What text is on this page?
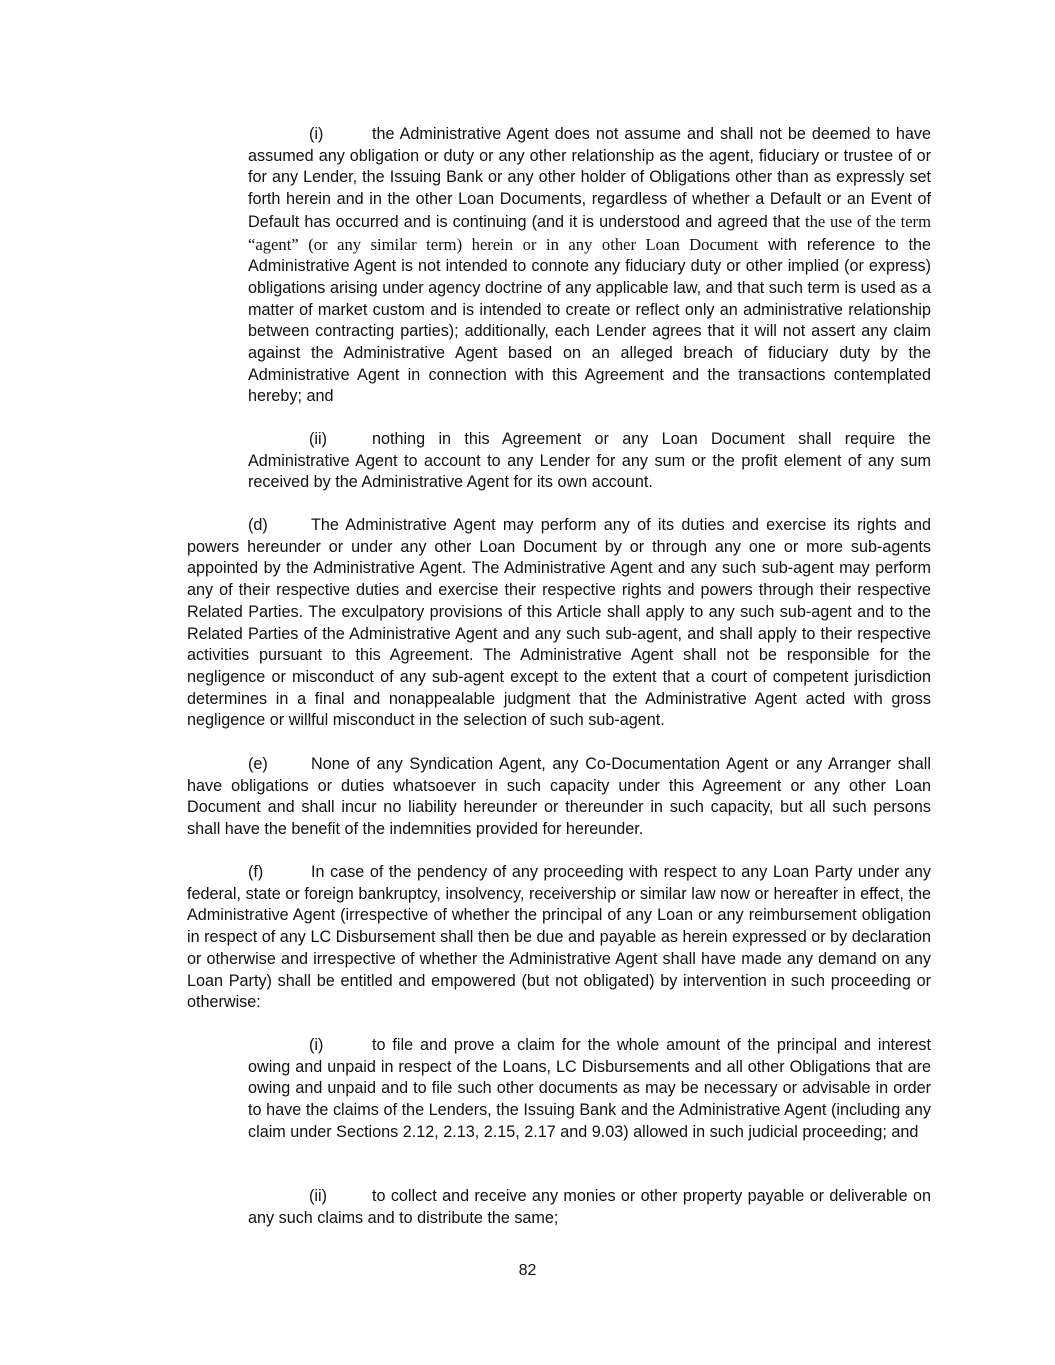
(i)	the Administrative Agent does not assume and shall not be deemed to have assumed any obligation or duty or any other relationship as the agent, fiduciary or trustee of or for any Lender, the Issuing Bank or any other holder of Obligations other than as expressly set forth herein and in the other Loan Documents, regardless of whether a Default or an Event of Default has occurred and is continuing (and it is understood and agreed that the use of the term “agent” (or any similar term) herein or in any other Loan Document with reference to the Administrative Agent is not intended to connote any fiduciary duty or other implied (or express) obligations arising under agency doctrine of any applicable law, and that such term is used as a matter of market custom and is intended to create or reflect only an administrative relationship between contracting parties); additionally, each Lender agrees that it will not assert any claim against the Administrative Agent based on an alleged breach of fiduciary duty by the Administrative Agent in connection with this Agreement and the transactions contemplated hereby; and

(ii)	nothing in this Agreement or any Loan Document shall require the Administrative Agent to account to any Lender for any sum or the profit element of any sum received by the Administrative Agent for its own account.

(d)	The Administrative Agent may perform any of its duties and exercise its rights and powers hereunder or under any other Loan Document by or through any one or more sub-agents appointed by the Administrative Agent. The Administrative Agent and any such sub-agent may perform any of their respective duties and exercise their respective rights and powers through their respective Related Parties. The exculpatory provisions of this Article shall apply to any such sub-agent and to the Related Parties of the Administrative Agent and any such sub-agent, and shall apply to their respective activities pursuant to this Agreement. The Administrative Agent shall not be responsible for the negligence or misconduct of any sub-agent except to the extent that a court of competent jurisdiction determines in a final and nonappealable judgment that the Administrative Agent acted with gross negligence or willful misconduct in the selection of such sub-agent.

(e)	None of any Syndication Agent, any Co-Documentation Agent or any Arranger shall have obligations or duties whatsoever in such capacity under this Agreement or any other Loan Document and shall incur no liability hereunder or thereunder in such capacity, but all such persons shall have the benefit of the indemnities provided for hereunder.

(f)	In case of the pendency of any proceeding with respect to any Loan Party under any federal, state or foreign bankruptcy, insolvency, receivership or similar law now or hereafter in effect, the Administrative Agent (irrespective of whether the principal of any Loan or any reimbursement obligation in respect of any LC Disbursement shall then be due and payable as herein expressed or by declaration or otherwise and irrespective of whether the Administrative Agent shall have made any demand on any Loan Party) shall be entitled and empowered (but not obligated) by intervention in such proceeding or otherwise:

(i)	to file and prove a claim for the whole amount of the principal and interest owing and unpaid in respect of the Loans, LC Disbursements and all other Obligations that are owing and unpaid and to file such other documents as may be necessary or advisable in order to have the claims of the Lenders, the Issuing Bank and the Administrative Agent (including any claim under Sections 2.12, 2.13, 2.15, 2.17 and 9.03) allowed in such judicial proceeding; and

(ii)	to collect and receive any monies or other property payable or deliverable on any such claims and to distribute the same;

82
